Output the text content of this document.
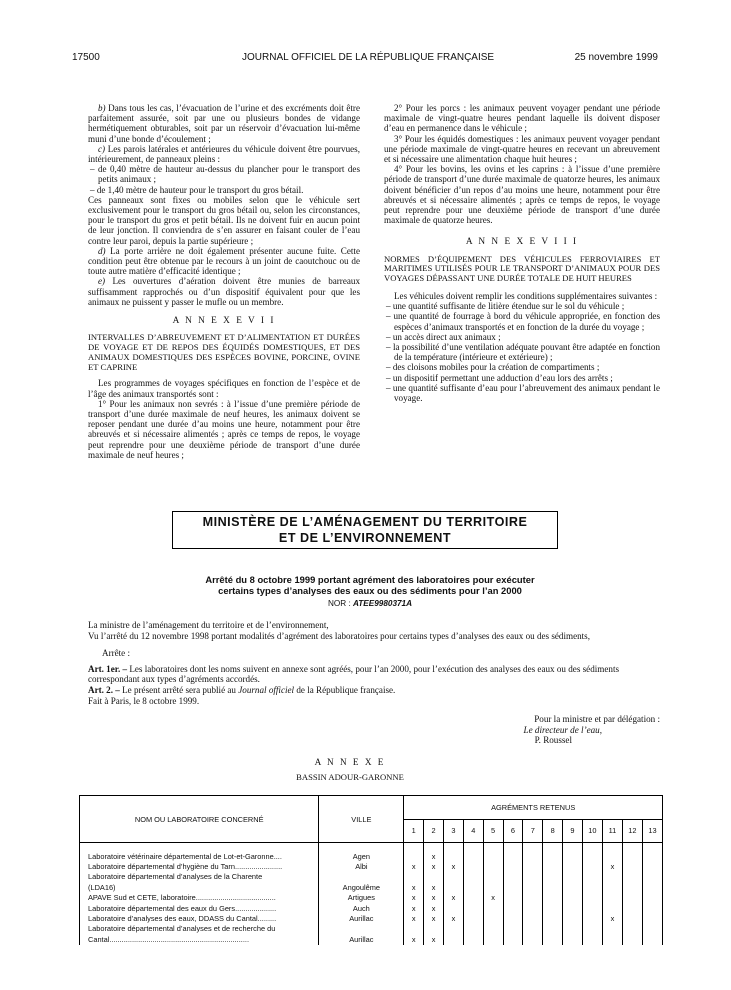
17500	JOURNAL OFFICIEL DE LA RÉPUBLIQUE FRANÇAISE	25 novembre 1999

b) Dans tous les cas, l’évacuation de l’urine et des excréments doit être parfaitement assurée, soit par une ou plusieurs bondes de vidange hermétiquement obturables, soit par un réservoir d’évacuation lui-même muni d’une bonde d’écoulement ;

c) Les parois latérales et antérieures du véhicule doivent être pourvues, intérieurement, de panneaux pleins :

– de 0,40 mètre de hauteur au-dessus du plancher pour le transport des petits animaux ;

– de 1,40 mètre de hauteur pour le transport du gros bétail.

Ces panneaux sont fixes ou mobiles selon que le véhicule sert exclusivement pour le transport du gros bétail ou, selon les circonstances, pour le transport du gros et petit bétail. Ils ne doivent fuir en aucun point de leur jonction. Il conviendra de s’en assurer en faisant couler de l’eau contre leur paroi, depuis la partie supérieure ;

d) La porte arrière ne doit également présenter aucune fuite. Cette condition peut être obtenue par le recours à un joint de caoutchouc ou de toute autre matière d’efficacité identique ;

e) Les ouvertures d’aération doivent être munies de barreaux suffisamment rapprochés ou d’un dispositif équivalent pour que les animaux ne puissent y passer le mufle ou un membre.

A N N E X E V I I

INTERVALLES D’ABREUVEMENT ET D’ALIMENTATION ET DURÉES DE VOYAGE ET DE REPOS DES ÉQUIDÉS DOMESTIQUES, ET DES ANIMAUX DOMESTIQUES DES ESPÈCES BOVINE, PORCINE, OVINE ET CAPRINE

Les programmes de voyages spécifiques en fonction de l’espèce et de l’âge des animaux transportés sont :

1° Pour les animaux non sevrés : à l’issue d’une première période de transport d’une durée maximale de neuf heures, les animaux doivent se reposer pendant une durée d’au moins une heure, notamment pour être abreuvés et si nécessaire alimentés ; après ce temps de repos, le voyage peut reprendre pour une deuxième période de transport d’une durée maximale de neuf heures ;

2° Pour les porcs : les animaux peuvent voyager pendant une période maximale de vingt-quatre heures pendant laquelle ils doivent disposer d’eau en permanence dans le véhicule ;

3° Pour les équidés domestiques : les animaux peuvent voyager pendant une période maximale de vingt-quatre heures en recevant un abreuvement et si nécessaire une alimentation chaque huit heures ;

4° Pour les bovins, les ovins et les caprins : à l’issue d’une première période de transport d’une durée maximale de quatorze heures, les animaux doivent bénéficier d’un repos d’au moins une heure, notamment pour être abreuvés et si nécessaire alimentés ; après ce temps de repos, le voyage peut reprendre pour une deuxième période de transport d’une durée maximale de quatorze heures.

A N N E X E V I I I

NORMES D’ÉQUIPEMENT DES VÉHICULES FERROVIAIRES ET MARITIMES UTILISÉS POUR LE TRANSPORT D’ANIMAUX POUR DES VOYAGES DÉPASSANT UNE DURÉE TOTALE DE HUIT HEURES

Les véhicules doivent remplir les conditions supplémentaires suivantes :

– une quantité suffisante de litière étendue sur le sol du véhicule ;

– une quantité de fourrage à bord du véhicule appropriée, en fonction des espèces d’animaux transportés et en fonction de la durée du voyage ;

– un accès direct aux animaux ;

– la possibilité d’une ventilation adéquate pouvant être adaptée en fonction de la température (intérieure et extérieure) ;

– des cloisons mobiles pour la création de compartiments ;

– un dispositif permettant une adduction d’eau lors des arrêts ;

– une quantité suffisante d’eau pour l’abreuvement des animaux pendant le voyage.

MINISTÈRE DE L’AMÉNAGEMENT DU TERRITOIRE
ET DE L’ENVIRONNEMENT
Arrêté du 8 octobre 1999 portant agrément des laboratoires pour exécuter
certains types d’analyses des eaux ou des sédiments pour l’an 2000
NOR : ATEE9980371A

La ministre de l’aménagement du territoire et de l’environnement,

Vu l’arrêté du 12 novembre 1998 portant modalités d’agrément des laboratoires pour certains types d’analyses des eaux ou des sédiments,

Arrête :

Art. 1er. – Les laboratoires dont les noms suivent en annexe sont agréés, pour l’an 2000, pour l’exécution des analyses des eaux ou des sédiments correspondant aux types d’agréments accordés.

Art. 2. – Le présent arrêté sera publié au Journal officiel de la République française.

Fait à Paris, le 8 octobre 1999.

Pour la ministre et par délégation :
Le directeur de l’eau,
P. Roussel
A N N E X E
BASSIN ADOUR-GARONNE
NOM OU LABORATOIRE CONCERNÉ	VILLE	AGRÉMENTS RETENUS												
		1	2	3	4	5	6	7	8	9	10	11	12	13
Laboratoire vétérinaire départemental de Lot-et-Garonne....	Agen		x											
Laboratoire départemental d’hygiène du Tarn.......................	Albi	x	x	x								x		
Laboratoire départemental d’analyses de la Charente														
(LDA16)	Angoulême	x	x											
APAVE Sud et CETE, laboratoire.......................................	Artigues	x	x	x		x								
Laboratoire départemental des eaux du Gers....................	Auch	x	x											
Laboratoire d’analyses des eaux, DDASS du Cantal.........	Aurillac	x	x	x								x		
Laboratoire départemental d’analyses et de recherche du														
Cantal....................................................................	Aurillac	x	x											
